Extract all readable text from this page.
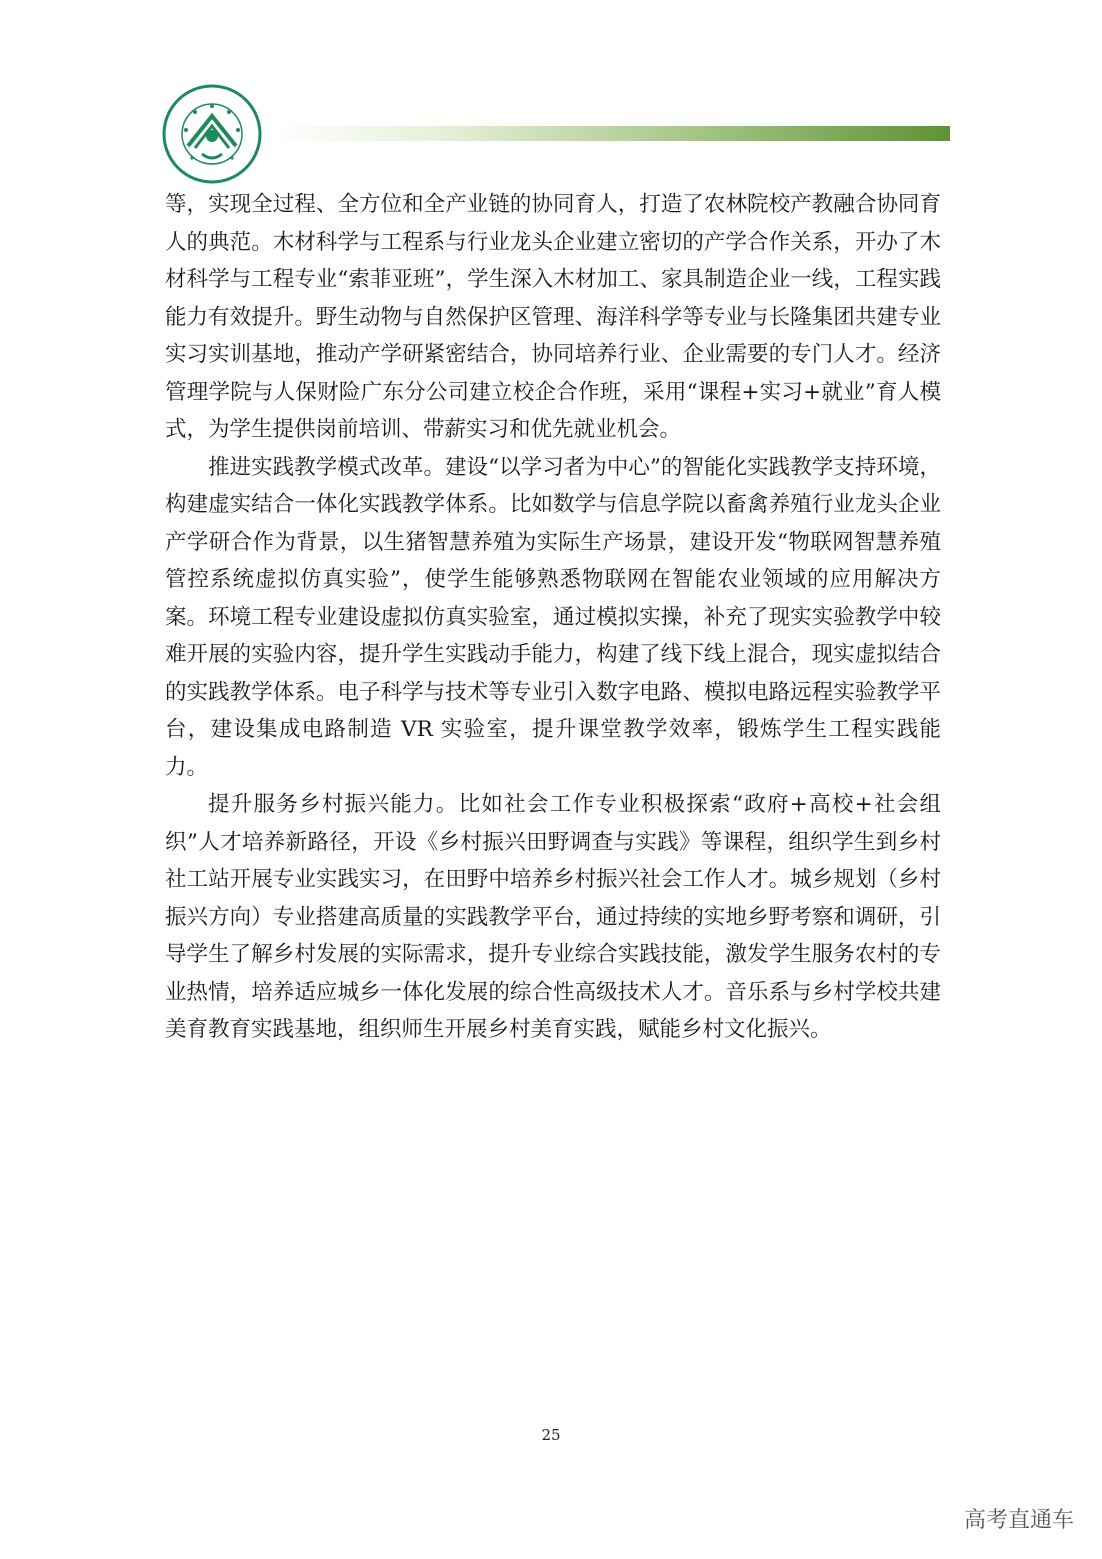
等，实现全过程、全方位和全产业链的协同育人，打造了农林院校产教融合协同育人的典范。木材科学与工程系与行业龙头企业建立密切的产学合作关系，开办了木材科学与工程专业“索菲亚班”，学生深入木材加工、家具制造企业一线，工程实践能力有效提升。野生动物与自然保护区管理、海洋科学等专业与长隆集团共建专业实习实训基地，推动产学研紧密结合，协同培养行业、企业需要的专门人才。经济管理学院与人保财险广东分公司建立校企合作班，采用“课程+实习+就业”育人模式，为学生提供岗前培训、带薪实习和优先就业机会。

推进实践教学模式改革。建设“以学习者为中心”的智能化实践教学支持环境，构建虚实结合一体化实践教学体系。比如数学与信息学院以畜禽养殖行业龙头企业产学研合作为背景，以生猪智慧养殖为实际生产场景，建设开发“物联网智慧养殖管控系统虚拟仿真实验”，使学生能够熟悉物联网在智能农业领域的应用解决方案。环境工程专业建设虚拟仿真实验室，通过模拟实操，补充了现实实验教学中较难开展的实验内容，提升学生实践动手能力，构建了线下线上混合，现实虚拟结合的实践教学体系。电子科学与技术等专业引入数字电路、模拟电路远程实验教学平台，建设集成电路制造 VR 实验室，提升课堂教学效率，锻炼学生工程实践能力。

提升服务乡村振兴能力。比如社会工作专业积极探索“政府+高校+社会组织”人才培养新路径，开设《乡村振兴田野调查与实践》等课程，组织学生到乡村社工站开展专业实践实习，在田野中培养乡村振兴社会工作人才。城乡规划（乡村振兴方向）专业搭建高质量的实践教学平台，通过持续的实地乡野考察和调研，引导学生了解乡村发展的实际需求，提升专业综合实践技能，激发学生服务农村的专业热情，培养适应城乡一体化发展的综合性高级技术人才。音乐系与乡村学校共建美育教育实践基地，组织师生开展乡村美育实践，赋能乡村文化振兴。

25
高考直通车
